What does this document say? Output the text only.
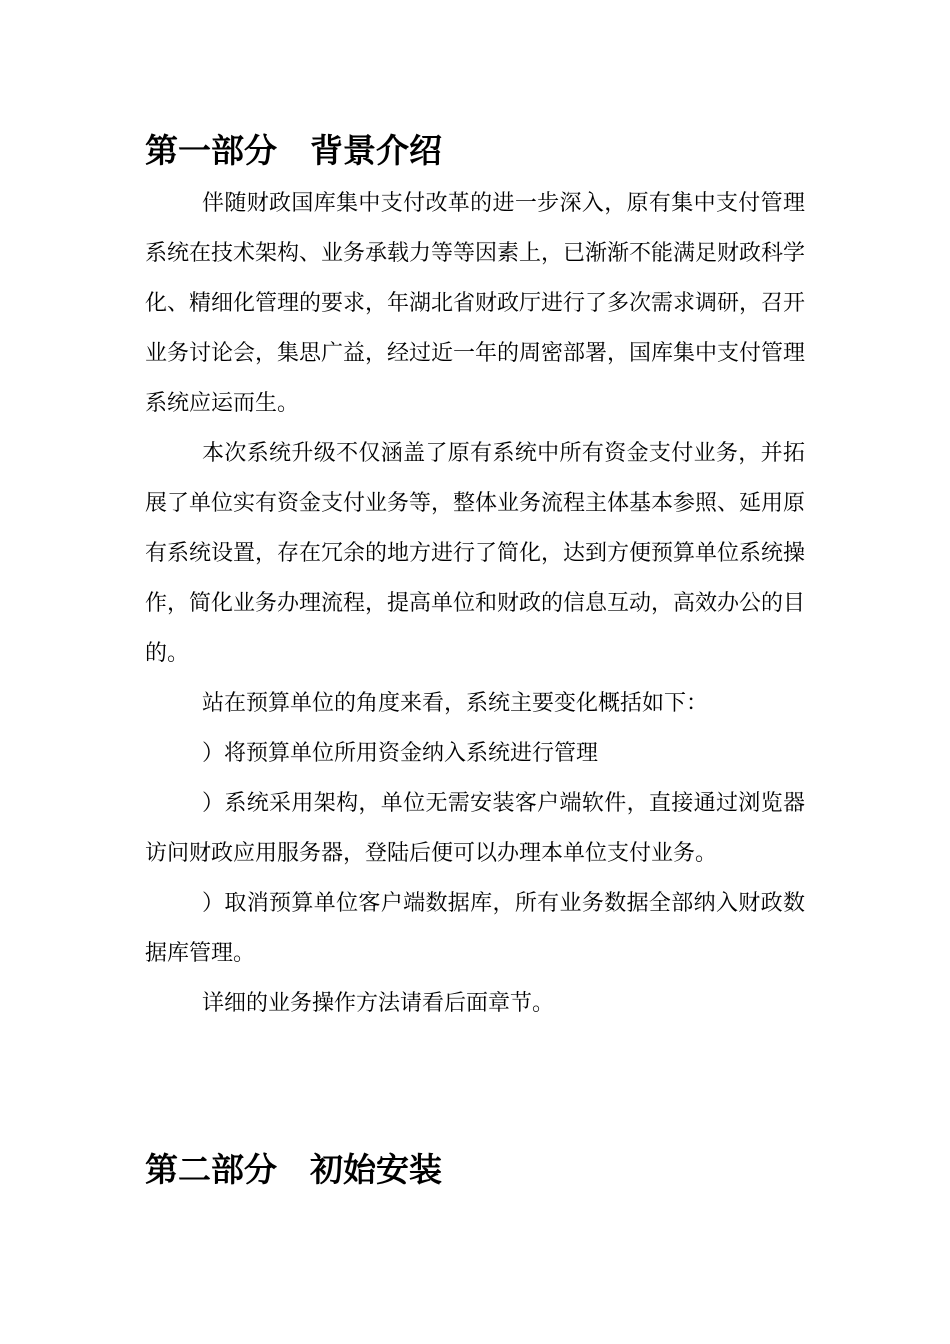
第一部分　背景介绍

伴随财政国库集中支付改革的进一步深入，原有集中支付管理系统在技术架构、业务承载力等等因素上，已渐渐不能满足财政科学化、精细化管理的要求，年湖北省财政厅进行了多次需求调研，召开业务讨论会，集思广益，经过近一年的周密部署，国库集中支付管理系统应运而生。

本次系统升级不仅涵盖了原有系统中所有资金支付业务，并拓展了单位实有资金支付业务等，整体业务流程主体基本参照、延用原有系统设置，存在冗余的地方进行了简化，达到方便预算单位系统操作，简化业务办理流程，提高单位和财政的信息互动，高效办公的目的。

站在预算单位的角度来看，系统主要变化概括如下：

）将预算单位所用资金纳入系统进行管理

）系统采用架构，单位无需安装客户端软件，直接通过浏览器访问财政应用服务器，登陆后便可以办理本单位支付业务。

）取消预算单位客户端数据库，所有业务数据全部纳入财政数据库管理。

详细的业务操作方法请看后面章节。

第二部分　初始安装
